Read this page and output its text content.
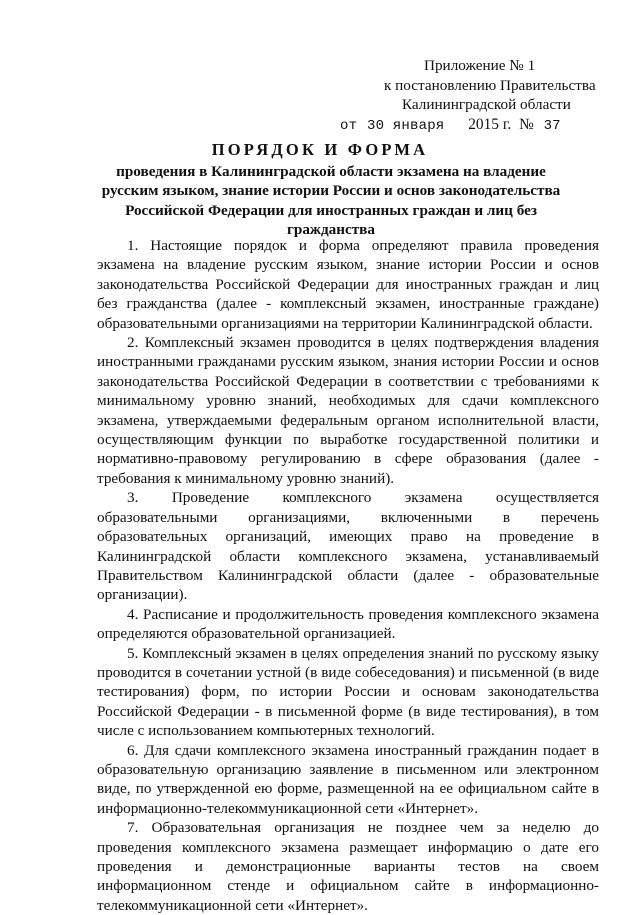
Приложение № 1
к постановлению Правительства
Калининградской области
от 30 января 2015 г. № 37
ПОРЯДОК И ФОРМА
проведения в Калининградской области экзамена на владение русским языком, знание истории России и основ законодательства Российской Федерации для иностранных граждан и лиц без гражданства

1. Настоящие порядок и форма определяют правила проведения экзамена на владение русским языком, знание истории России и основ законодательства Российской Федерации для иностранных граждан и лиц без гражданства (далее - комплексный экзамен, иностранные граждане) образовательными организациями на территории Калининградской области.

2. Комплексный экзамен проводится в целях подтверждения владения иностранными гражданами русским языком, знания истории России и основ законодательства Российской Федерации в соответствии с требованиями к минимальному уровню знаний, необходимых для сдачи комплексного экзамена, утверждаемыми федеральным органом исполнительной власти, осуществляющим функции по выработке государственной политики и нормативно-правовому регулированию в сфере образования (далее - требования к минимальному уровню знаний).

3. Проведение комплексного экзамена осуществляется образовательными организациями, включенными в перечень образовательных организаций, имеющих право на проведение в Калининградской области комплексного экзамена, устанавливаемый Правительством Калининградской области (далее - образовательные организации).

4. Расписание и продолжительность проведения комплексного экзамена определяются образовательной организацией.

5. Комплексный экзамен в целях определения знаний по русскому языку проводится в сочетании устной (в виде собеседования) и письменной (в виде тестирования) форм, по истории России и основам законодательства Российской Федерации - в письменной форме (в виде тестирования), в том числе с использованием компьютерных технологий.

6. Для сдачи комплексного экзамена иностранный гражданин подает в образовательную организацию заявление в письменном или электронном виде, по утвержденной ею форме, размещенной на ее официальном сайте в информационно-телекоммуникационной сети «Интернет».

7. Образовательная организация не позднее чем за неделю до проведения комплексного экзамена размещает информацию о дате его проведения и демонстрационные варианты тестов на своем информационном стенде и официальном сайте в информационно-телекоммуникационной сети «Интернет».
